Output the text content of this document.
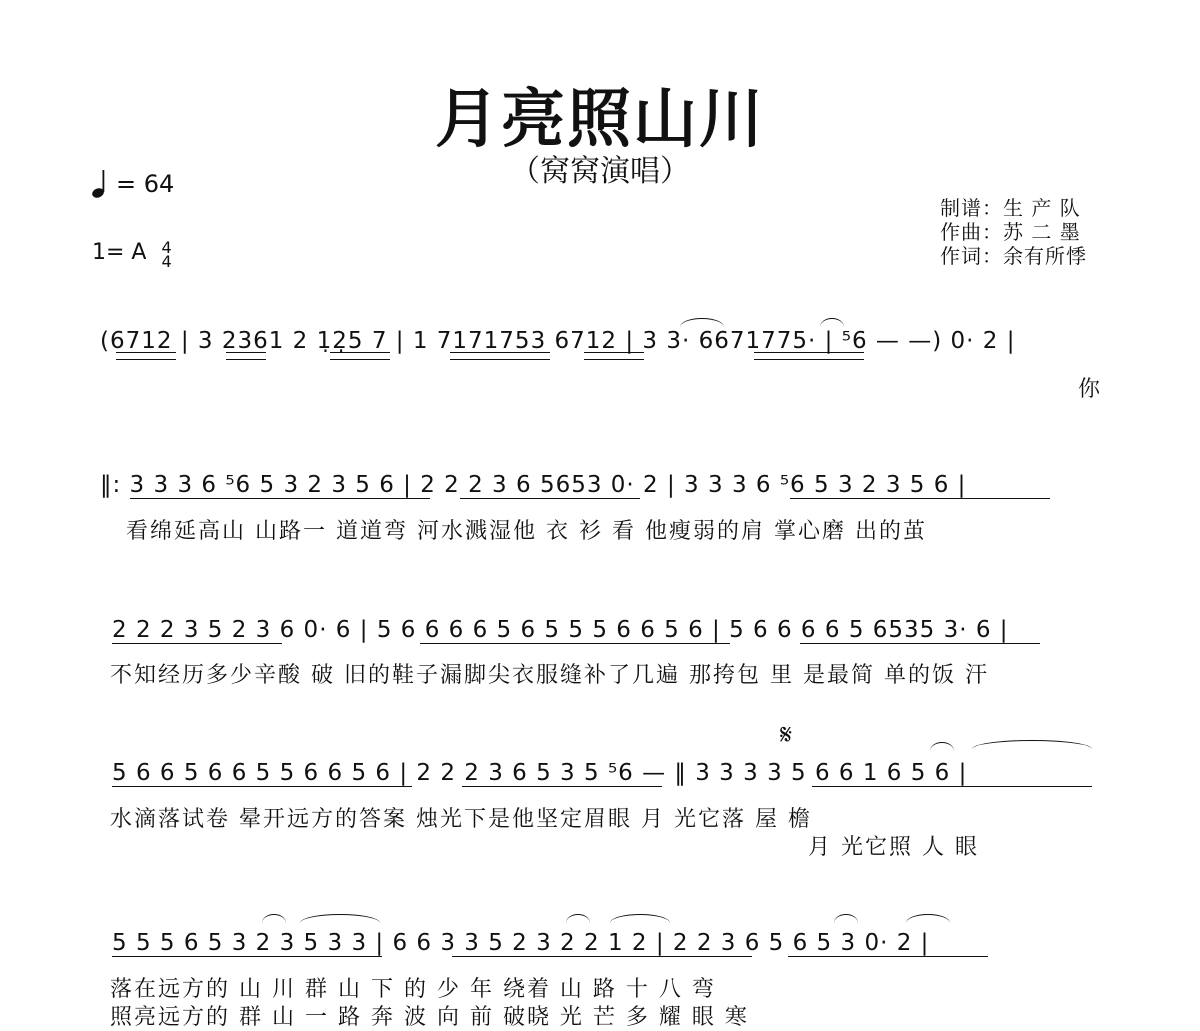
月亮照山川
（窝窝演唱）
= 64
1= A 4
4
制谱：生 产 队
作曲：苏 二 墨
作词：余有所悸
(6712 | 3 2361 2 1̣2̣5 7 | 1 7171753 6712 | 3 3· 6671775· | ⁵6 — —) 0· 2 |
你
‖: 3 3 3 6 ⁵6 5 3 2 3 5 6 | 2 2 2 3 6 5653 0· 2 | 3 3 3 6 ⁵6 5 3 2 3 5 6 |
看绵延高山 山路一 道道弯 河水溅湿他 衣 衫 看 他瘦弱的肩 掌心磨 出的茧
2 2 2 3 5 2 3 6 0· 6 | 5 6 6 6 6 5 6 5 5 5 6 6 5 6 | 5 6 6 6 6 5 6535 3· 6 |
不知经历多少辛酸 破 旧的鞋子漏脚尖衣服缝补了几遍 那挎包 里 是最简 单的饭 汗
𝄋
5 6 6 5 6 6 5 5 6 6 5 6 | 2 2 2 3 6 5 3 5 ⁵6 — ‖ 3 3 3 3 5 6 6 1 6 5 6 |
水滴落试卷 晕开远方的答案 烛光下是他坚定眉眼 月 光它落 屋 檐
月 光它照 人 眼
5 5 5 6 5 3 2 3 5 3 3 | 6 6 3 3 5 2 3 2 2 1 2 | 2 2 3 6 5 6 5 3 0· 2 |
落在远方的 山 川 群 山 下 的 少 年 绕着 山 路 十 八 弯
照亮远方的 群 山 一 路 奔 波 向 前 破晓 光 芒 多 耀 眼 寒
